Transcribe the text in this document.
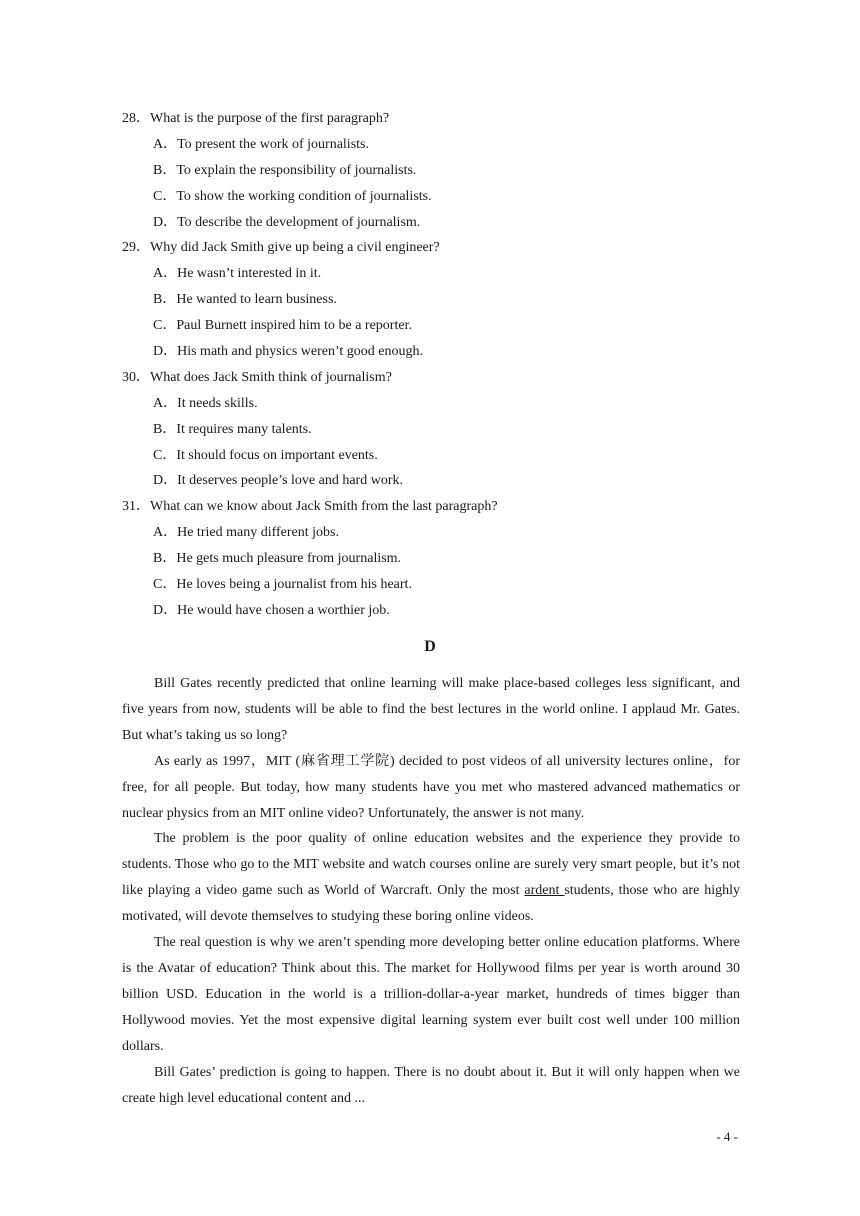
28．What is the purpose of the first paragraph?
A．To present the work of journalists.
B．To explain the responsibility of journalists.
C．To show the working condition of journalists.
D．To describe the development of journalism.
29．Why did Jack Smith give up being a civil engineer?
A．He wasn’t interested in it.
B．He wanted to learn business.
C．Paul Burnett inspired him to be a reporter.
D．His math and physics weren’t good enough.
30．What does Jack Smith think of journalism?
A．It needs skills.
B．It requires many talents.
C．It should focus on important events.
D．It deserves people’s love and hard work.
31．What can we know about Jack Smith from the last paragraph?
A．He tried many different jobs.
B．He gets much pleasure from journalism.
C．He loves being a journalist from his heart.
D．He would have chosen a worthier job.
D

Bill Gates recently predicted that online learning will make place-based colleges less significant, and five years from now, students will be able to find the best lectures in the world online. I applaud Mr. Gates. But what’s taking us so long?

As early as 1997，MIT (麻省理工学院) decided to post videos of all university lectures online，for free, for all people. But today, how many students have you met who mastered advanced mathematics or nuclear physics from an MIT online video? Unfortunately, the answer is not many.

The problem is the poor quality of online education websites and the experience they provide to students. Those who go to the MIT website and watch courses online are surely very smart people, but it’s not like playing a video game such as World of Warcraft. Only the most ardent students, those who are highly motivated, will devote themselves to studying these boring online videos.

The real question is why we aren’t spending more developing better online education platforms. Where is the Avatar of education? Think about this. The market for Hollywood films per year is worth around 30 billion USD. Education in the world is a trillion-dollar-a-year market, hundreds of times bigger than Hollywood movies. Yet the most expensive digital learning system ever built cost well under 100 million dollars.

Bill Gates’ prediction is going to happen. There is no doubt about it. But it will only happen when we create high level educational content and ...

- 4 -
